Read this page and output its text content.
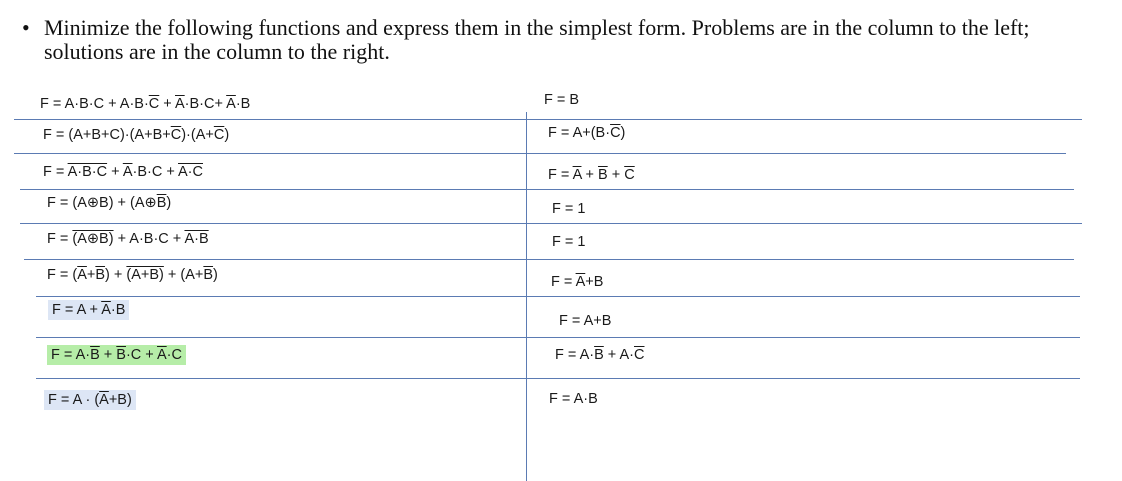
• Minimize the following functions and express them in the simplest form. Problems are in the column to the left; solutions are in the column to the right.
$F = A\cdot B\cdot C + A\cdot B\cdot\overline{C} + \overline{A}\cdot B\cdot C+ \overline{A}\cdot B$
$F = (A+B+C)\cdot(A+B+\overline{C})\cdot(A+\overline{C})$
$F = A\cdot B\cdot C + \overline{A}\cdot B\cdot C + A\cdot C$
F = (A⊕B) + $(A\oplus\overline{B})$
F = (A⊕B) + A·B·C + A·B
$F = (\overline{A}+\overline{B}) + (A+B) + (A+\overline{B})$
$F = A + \overline{A}\cdot B$
$F = A\cdot\overline{B} + \overline{B}\cdot C + \overline{A}\cdot C$
$F = A \cdot (\overline{A}+B)$
F = B
$F = A+(B\cdot\overline{C})$
$F = \overline{A} + \overline{B} + \overline{C}$
F = 1
F = 1
$F = \overline{A}+B$
F = A+B
$F = A\cdot\overline{B} + A\cdot\overline{C}$
F = A·B
